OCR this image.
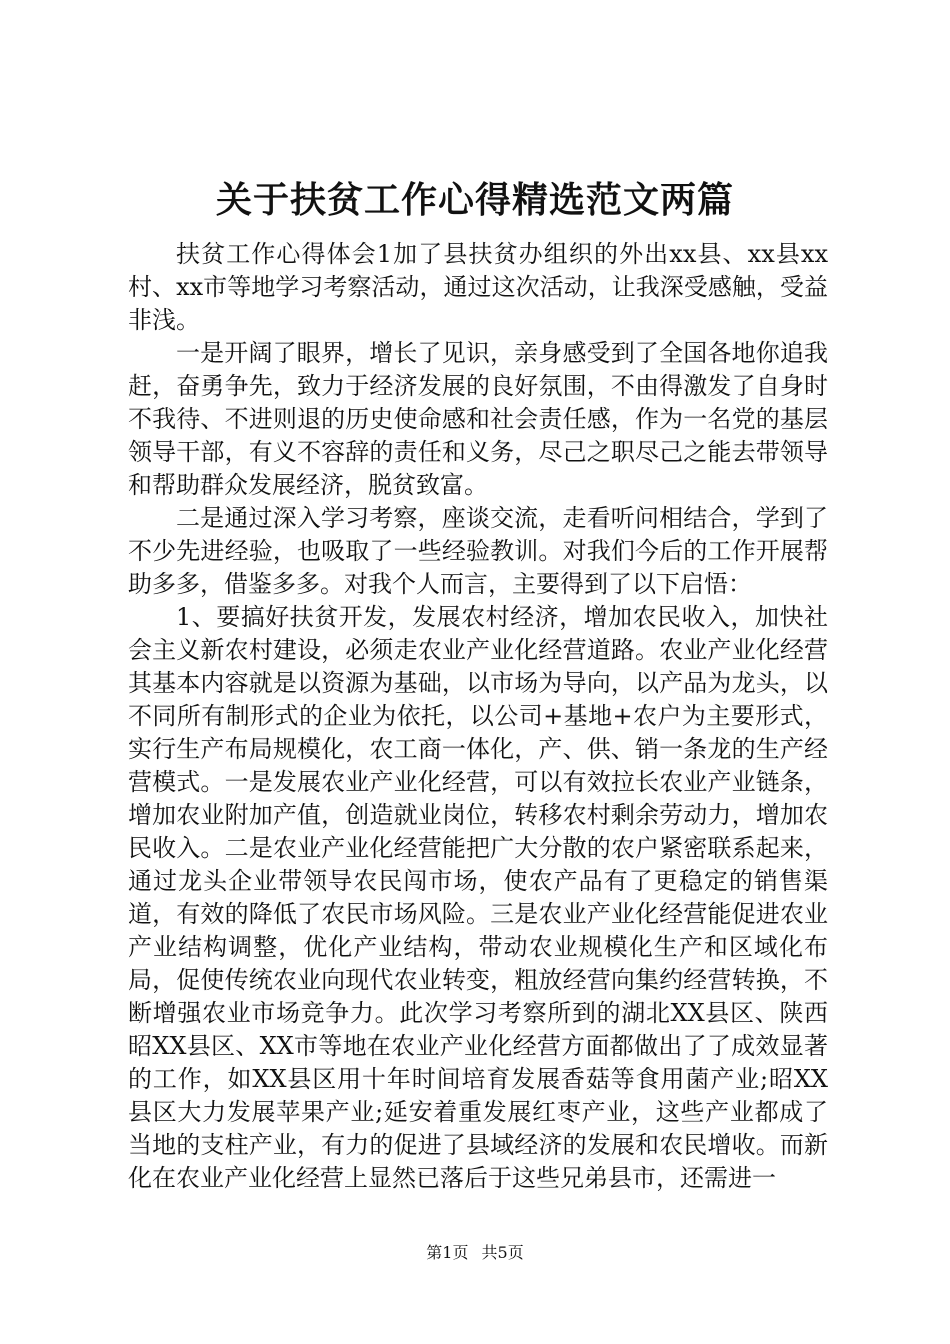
关于扶贫工作心得精选范文两篇

扶贫工作心得体会1加了县扶贫办组织的外出xx县、xx县xx村、xx市等地学习考察活动，通过这次活动，让我深受感触，受益非浅。

一是开阔了眼界，增长了见识，亲身感受到了全国各地你追我赶，奋勇争先，致力于经济发展的良好氛围，不由得激发了自身时不我待、不进则退的历史使命感和社会责任感，作为一名党的基层领导干部，有义不容辞的责任和义务，尽己之职尽己之能去带领导和帮助群众发展经济，脱贫致富。

二是通过深入学习考察，座谈交流，走看听问相结合，学到了不少先进经验，也吸取了一些经验教训。对我们今后的工作开展帮助多多，借鉴多多。对我个人而言，主要得到了以下启悟：

1、要搞好扶贫开发，发展农村经济，增加农民收入，加快社会主义新农村建设，必须走农业产业化经营道路。农业产业化经营其基本内容就是以资源为基础，以市场为导向，以产品为龙头，以不同所有制形式的企业为依托，以公司+基地+农户为主要形式，实行生产布局规模化，农工商一体化，产、供、销一条龙的生产经营模式。一是发展农业产业化经营，可以有效拉长农业产业链条，增加农业附加产值，创造就业岗位，转移农村剩余劳动力，增加农民收入。二是农业产业化经营能把广大分散的农户紧密联系起来，通过龙头企业带领导农民闯市场，使农产品有了更稳定的销售渠道，有效的降低了农民市场风险。三是农业产业化经营能促进农业产业结构调整，优化产业结构，带动农业规模化生产和区域化布局，促使传统农业向现代农业转变，粗放经营向集约经营转换，不断增强农业市场竞争力。此次学习考察所到的湖北XX县区、陕西昭XX县区、XX市等地在农业产业化经营方面都做出了了成效显著的工作，如XX县区用十年时间培育发展香菇等食用菌产业;昭XX县区大力发展苹果产业;延安着重发展红枣产业，这些产业都成了当地的支柱产业，有力的促进了县域经济的发展和农民增收。而新化在农业产业化经营上显然已落后于这些兄弟县市，还需进一

第1页 共5页
